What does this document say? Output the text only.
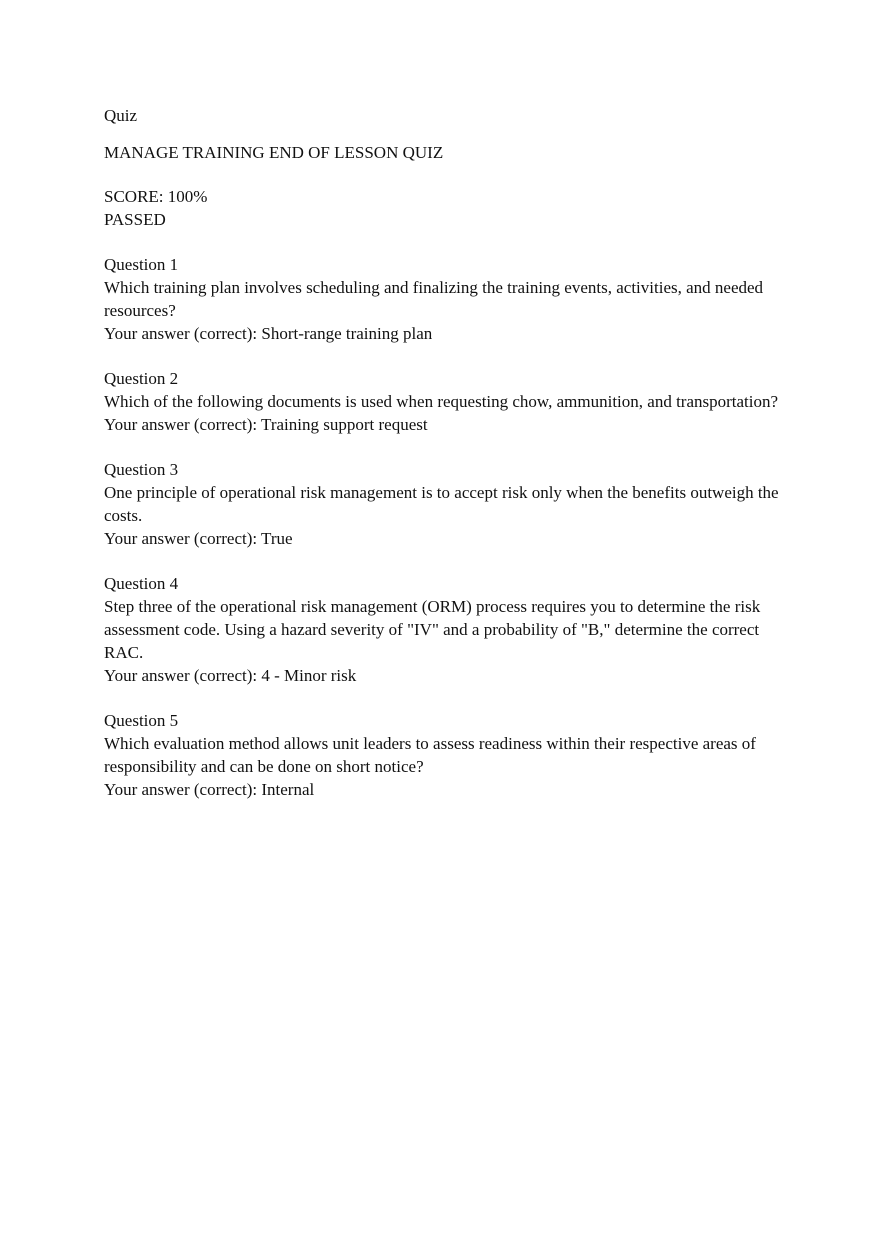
Quiz

MANAGE TRAINING END OF LESSON QUIZ

SCORE: 100%

PASSED

Question 1

Which training plan involves scheduling and finalizing the training events, activities, and needed resources?

Your answer (correct): Short-range training plan

Question 2

Which of the following documents is used when requesting chow, ammunition, and transportation?

Your answer (correct): Training support request

Question 3

One principle of operational risk management is to accept risk only when the benefits outweigh the costs.

Your answer (correct): True

Question 4

Step three of the operational risk management (ORM) process requires you to determine the risk assessment code. Using a hazard severity of "IV" and a probability of "B," determine the correct RAC.

Your answer (correct): 4 - Minor risk

Question 5

Which evaluation method allows unit leaders to assess readiness within their respective areas of responsibility and can be done on short notice?

Your answer (correct): Internal
